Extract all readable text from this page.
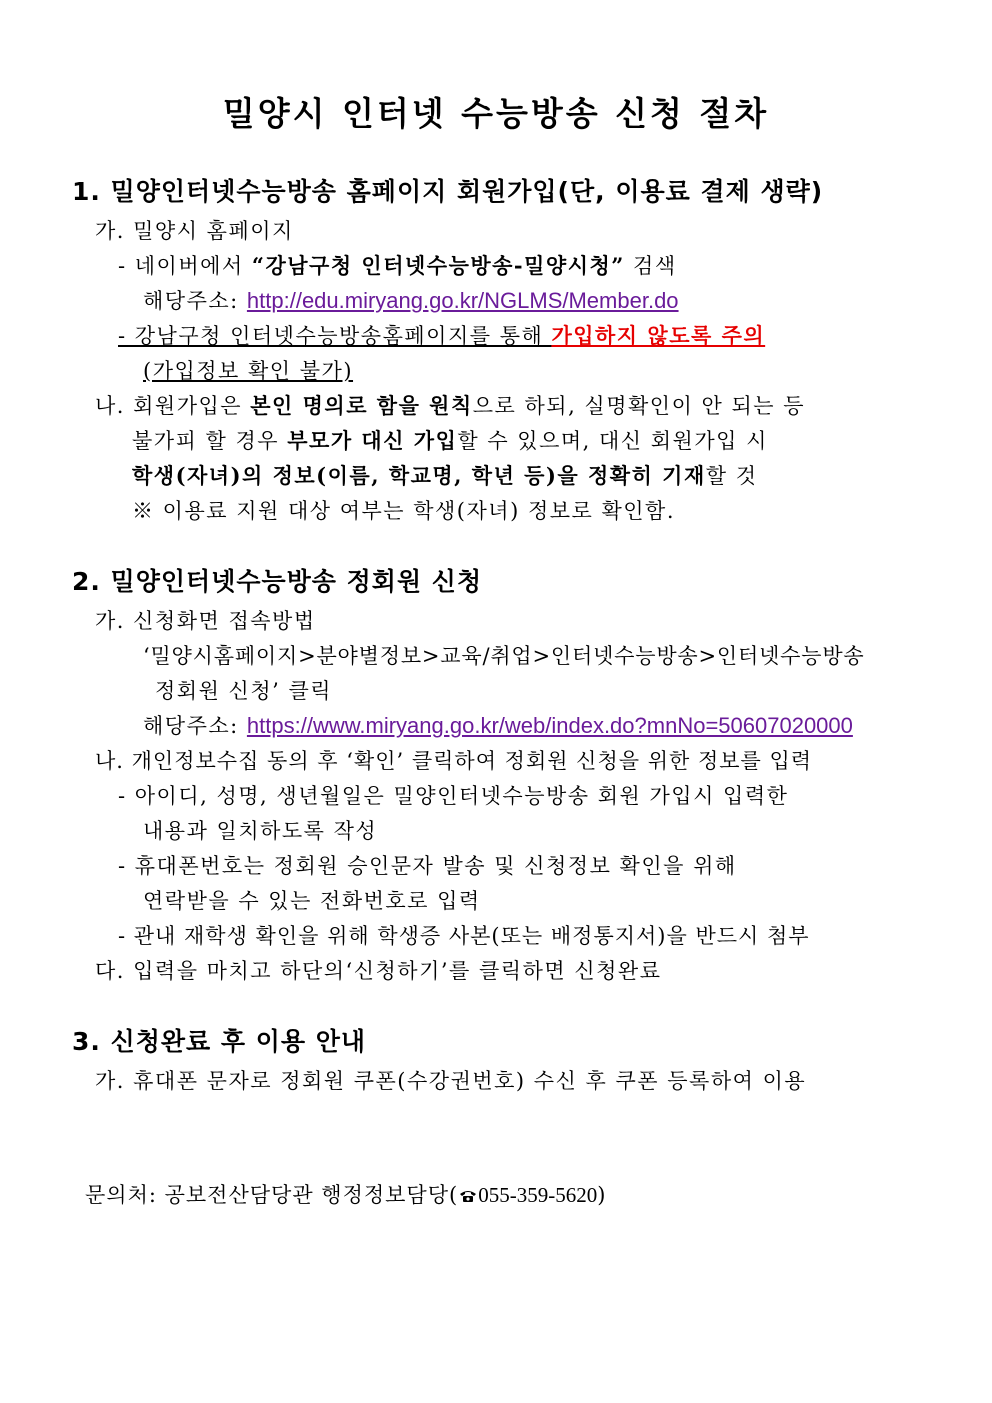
밀양시 인터넷 수능방송 신청 절차
1. 밀양인터넷수능방송 홈페이지 회원가입(단, 이용료 결제 생략)
가. 밀양시 홈페이지
- 네이버에서 “강남구청 인터넷수능방송-밀양시청” 검색
해당주소: http://edu.miryang.go.kr/NGLMS/Member.do
- 강남구청 인터넷수능방송홈페이지를 통해 가입하지 않도록 주의
(가입정보 확인 불가)
나. 회원가입은 본인 명의로 함을 원칙으로 하되, 실명확인이 안 되는 등
불가피 할 경우 부모가 대신 가입할 수 있으며, 대신 회원가입 시
학생(자녀)의 정보(이름, 학교명, 학년 등)을 정확히 기재할 것
※ 이용료 지원 대상 여부는 학생(자녀) 정보로 확인함.
2. 밀양인터넷수능방송 정회원 신청
가. 신청화면 접속방법
‘밀양시홈페이지>분야별정보>교육/취업>인터넷수능방송>인터넷수능방송
정회원 신청’ 클릭
해당주소: https://www.miryang.go.kr/web/index.do?mnNo=50607020000
나. 개인정보수집 동의 후 ‘확인’ 클릭하여 정회원 신청을 위한 정보를 입력
- 아이디, 성명, 생년월일은 밀양인터넷수능방송 회원 가입시 입력한
내용과 일치하도록 작성
- 휴대폰번호는 정회원 승인문자 발송 및 신청정보 확인을 위해
연락받을 수 있는 전화번호로 입력
- 관내 재학생 확인을 위해 학생증 사본(또는 배정통지서)을 반드시 첨부
다. 입력을 마치고 하단의‘신청하기’를 클릭하면 신청완료
3. 신청완료 후 이용 안내
가. 휴대폰 문자로 정회원 쿠폰(수강권번호) 수신 후 쿠폰 등록하여 이용
문의처: 공보전산담당관 행정정보담당( 055-359-5620)
